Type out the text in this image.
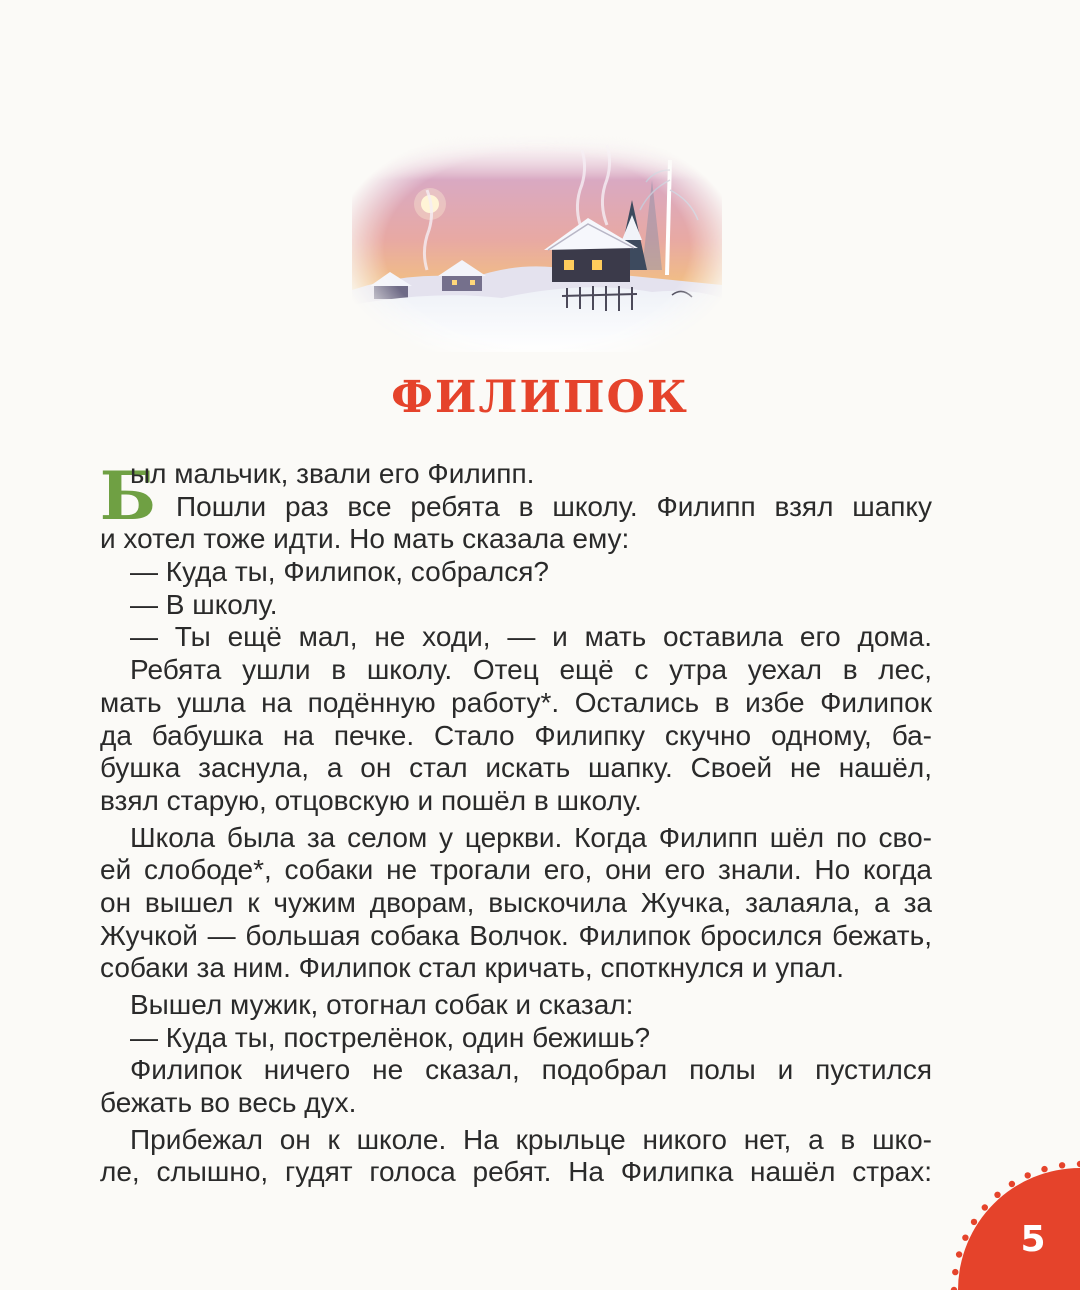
ФИЛИПОК
Б
ыл мальчик, звали его Филипп.
Пошли раз все ребята в школу. Филипп взял шапку
и хотел тоже идти. Но мать сказала ему:
— Куда ты, Филипок, собрался?
— В школу.
— Ты ещё мал, не ходи, — и мать оставила его дома.
Ребята ушли в школу. Отец ещё с утра уехал в лес,
мать ушла на подённую работу*. Остались в избе Филипок
да бабушка на печке. Стало Филипку скучно одному, ба-
бушка заснула, а он стал искать шапку. Своей не нашёл,
взял старую, отцовскую и пошёл в школу.
Школа была за селом у церкви. Когда Филипп шёл по сво-
ей слободе*, собаки не трогали его, они его знали. Но когда
он вышел к чужим дворам, выскочила Жучка, залаяла, а за
Жучкой — большая собака Волчок. Филипок бросился бежать,
собаки за ним. Филипок стал кричать, споткнулся и упал.
Вышел мужик, отогнал собак и сказал:
— Куда ты, пострелёнок, один бежишь?
Филипок ничего не сказал, подобрал полы и пустился
бежать во весь дух.
Прибежал он к школе. На крыльце никого нет, а в шко-
ле, слышно, гудят голоса ребят. На Филипка нашёл страх:
5
